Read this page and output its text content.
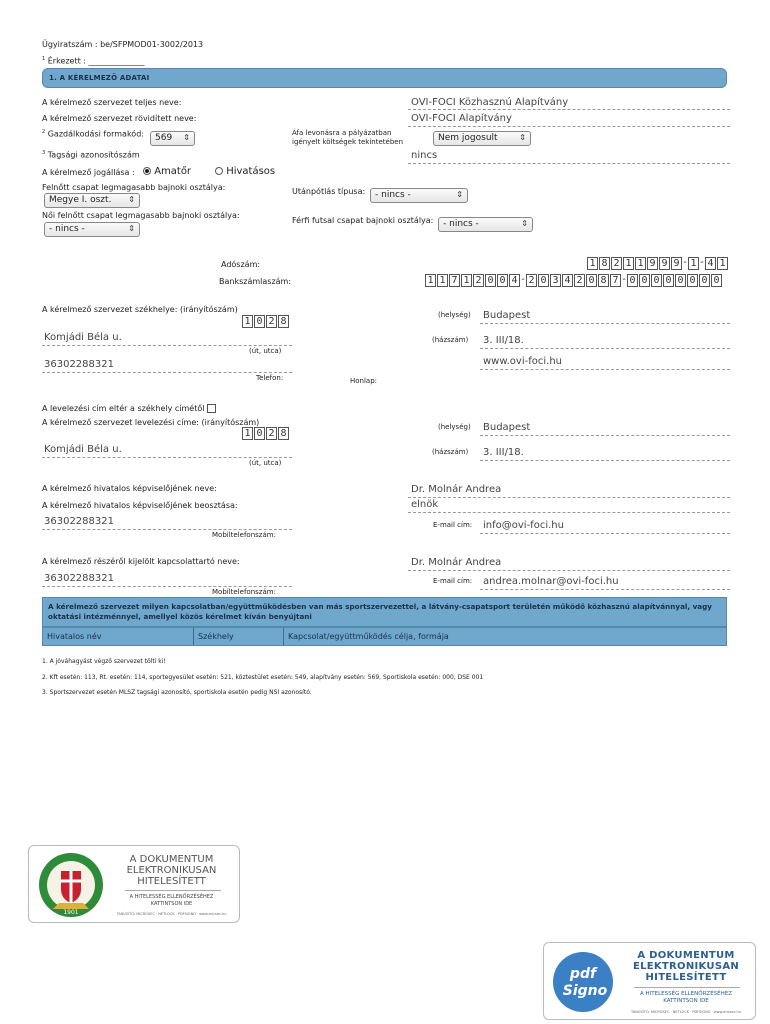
Ügyiratszám : be/SFPMOD01-3002/2013
$^1$ Érkezett : ______________
1. A KÉRELMEZŐ ADATAI
A kérelmező szervezet teljes neve:	OVI-FOCI Közhasznú Alapítvány
A kérelmező szervezet rövidített neve:	OVI-FOCI Alapítvány
$^2$ Gazdálkodási formakód:	569 ⇕	Áfa levonásra a pályázatban
igényelt költségek tekintetében	Nem jogosult	⇕
$^3$ Tagsági azonosítószám	nincs
A kérelmező jogállása :	Amatőr	Hivatásos
Felnőtt csapat legmagasabb bajnoki osztálya:
Megye I. oszt. ⇕
Utánpótlás típusa:	- nincs -	⇕
Női felnőtt csapat legmagasabb bajnoki osztálya:
- nincs -	⇕
Férfi futsal csapat bajnoki osztálya:	- nincs -	⇕
Adószám:	1 8 2 1 1 9 9 9 - 1 - 4 1
Bankszámlaszám:	1 1 7 1 2 0 0 4 - 2 0 3 4 2 0 8 7 - 0 0 0 0 0 0 0 0
A kérelmező szervezet székhelye: (irányítószám)
1 0 2 8
(helység) Budapest
Komjádi Béla u.
(út, utca)
(házszám) 3. III/18.
36302288321
Telefon:	Honlap:
www.ovi-foci.hu
A levelezési cím eltér a székhely címétől
A kérelmező szervezet levelezési címe: (irányítószám)
1 0 2 8
(helység) Budapest
Komjádi Béla u.
(út, utca)
(házszám) 3. III/18.
A kérelmező hivatalos képviselőjének neve:	Dr. Molnár Andrea
A kérelmező hivatalos képviselőjének beosztása:	elnök
36302288321
Mobiltelefonszám:
E-mail cím: info@ovi-foci.hu
A kérelmező részéről kijelölt kapcsolattartó neve:	Dr. Molnár Andrea
36302288321
Mobiltelefonszám:
E-mail cím: andrea.molnar@ovi-foci.hu
A kérelmező szervezet milyen kapcsolatban/együttműködésben van más sportszervezettel, a látvány-csapatsport területén működő közhasznú alapítvánnyal, vagy oktatási intézménnyel, amellyel közös kérelmet kíván benyújtani
Hivatalos név	Székhely	Kapcsolat/együttműködés célja, formája
1. A jóváhagyást végző szervezet tölti ki!
2. Kft esetén: 113, Rt. esetén: 114, sportegyesület esetén: 521, köztestület esetén: 549, alapítvány esetén: 569, Sportiskola esetén: 000, DSE 001
3. Sportszervezet esetén MLSZ tagsági azonosító, sportiskola esetén pedig NSI azonosító.
1901
A DOKUMENTUM
ELEKTRONIKUSAN
HITELESÍTETT
A HITELESSÉG ELLENŐRZÉSÉHEZ
KATTINTSON IDE
TANÚSÍTÓ: MICROSEC · NETLOCK · PDFSIGNO · www.micsec.hu
pdf
Signo
A DOKUMENTUM
ELEKTRONIKUSAN
HITELESÍTETT
A HITELESSÉG ELLENŐRZÉSÉHEZ
KATTINTSON IDE
TANÚSÍTÓ: MICROSEC · NETLOCK · PDFSIGNO · www.micsec.hu
